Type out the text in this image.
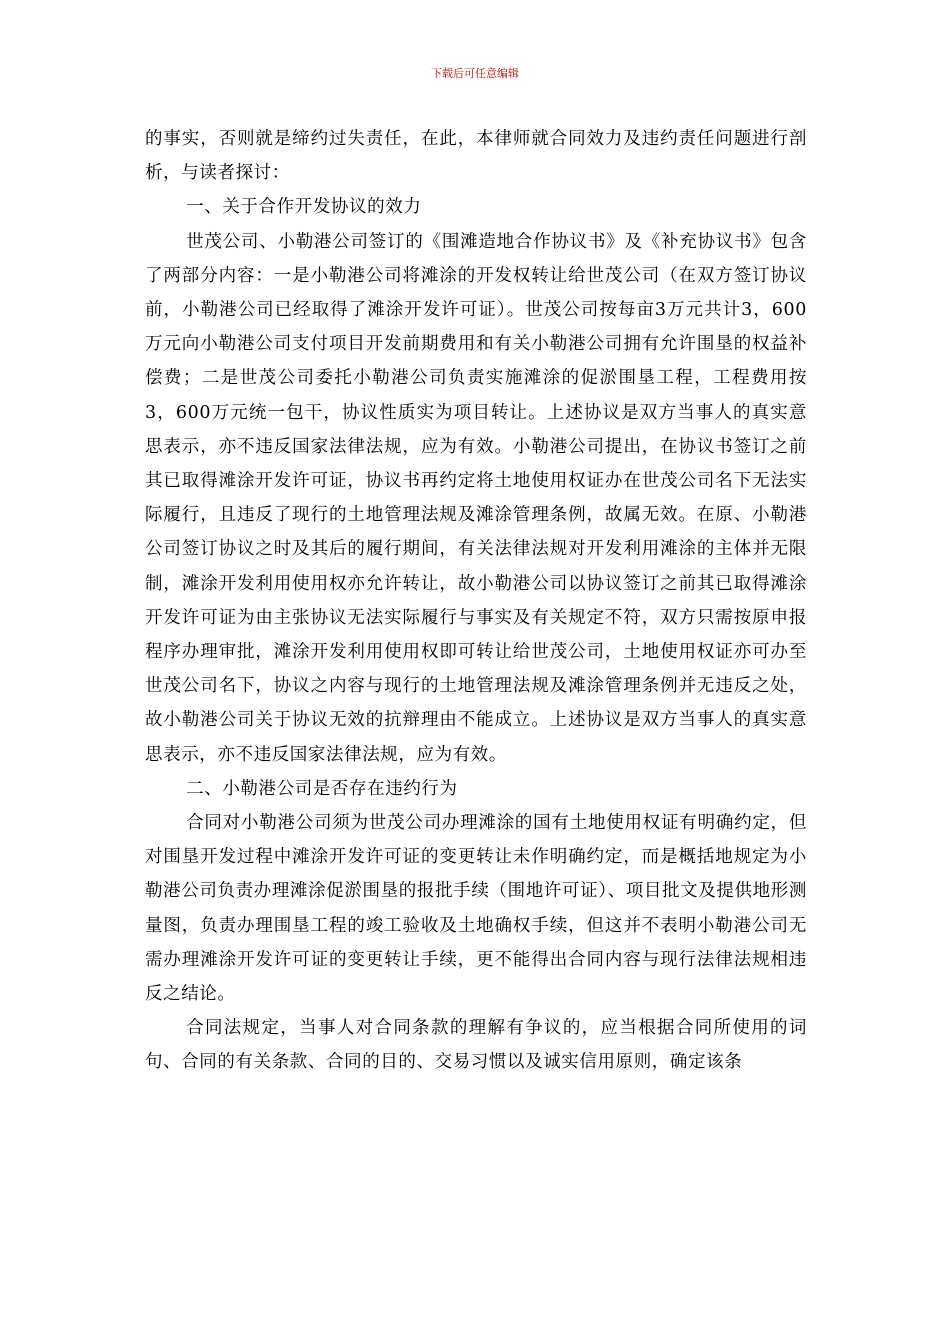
下载后可任意编辑

的事实，否则就是缔约过失责任，在此，本律师就合同效力及违约责任问题进行剖析，与读者探讨：

一、关于合作开发协议的效力

世茂公司、小勒港公司签订的《围滩造地合作协议书》及《补充协议书》包含了两部分内容：一是小勒港公司将滩涂的开发权转让给世茂公司（在双方签订协议前，小勒港公司已经取得了滩涂开发许可证）。世茂公司按每亩3万元共计3，600万元向小勒港公司支付项目开发前期费用和有关小勒港公司拥有允许围垦的权益补偿费；二是世茂公司委托小勒港公司负责实施滩涂的促淤围垦工程，工程费用按3，600万元统一包干，协议性质实为项目转让。上述协议是双方当事人的真实意思表示，亦不违反国家法律法规，应为有效。小勒港公司提出，在协议书签订之前其已取得滩涂开发许可证，协议书再约定将土地使用权证办在世茂公司名下无法实际履行，且违反了现行的土地管理法规及滩涂管理条例，故属无效。在原、小勒港公司签订协议之时及其后的履行期间，有关法律法规对开发利用滩涂的主体并无限制，滩涂开发利用使用权亦允许转让，故小勒港公司以协议签订之前其已取得滩涂开发许可证为由主张协议无法实际履行与事实及有关规定不符，双方只需按原申报程序办理审批，滩涂开发利用使用权即可转让给世茂公司，土地使用权证亦可办至世茂公司名下，协议之内容与现行的土地管理法规及滩涂管理条例并无违反之处，故小勒港公司关于协议无效的抗辩理由不能成立。上述协议是双方当事人的真实意思表示，亦不违反国家法律法规，应为有效。

二、小勒港公司是否存在违约行为

合同对小勒港公司须为世茂公司办理滩涂的国有土地使用权证有明确约定，但对围垦开发过程中滩涂开发许可证的变更转让未作明确约定，而是概括地规定为小勒港公司负责办理滩涂促淤围垦的报批手续（围地许可证）、项目批文及提供地形测量图，负责办理围垦工程的竣工验收及土地确权手续，但这并不表明小勒港公司无需办理滩涂开发许可证的变更转让手续，更不能得出合同内容与现行法律法规相违反之结论。

合同法规定，当事人对合同条款的理解有争议的，应当根据合同所使用的词句、合同的有关条款、合同的目的、交易习惯以及诚实信用原则，确定该条
